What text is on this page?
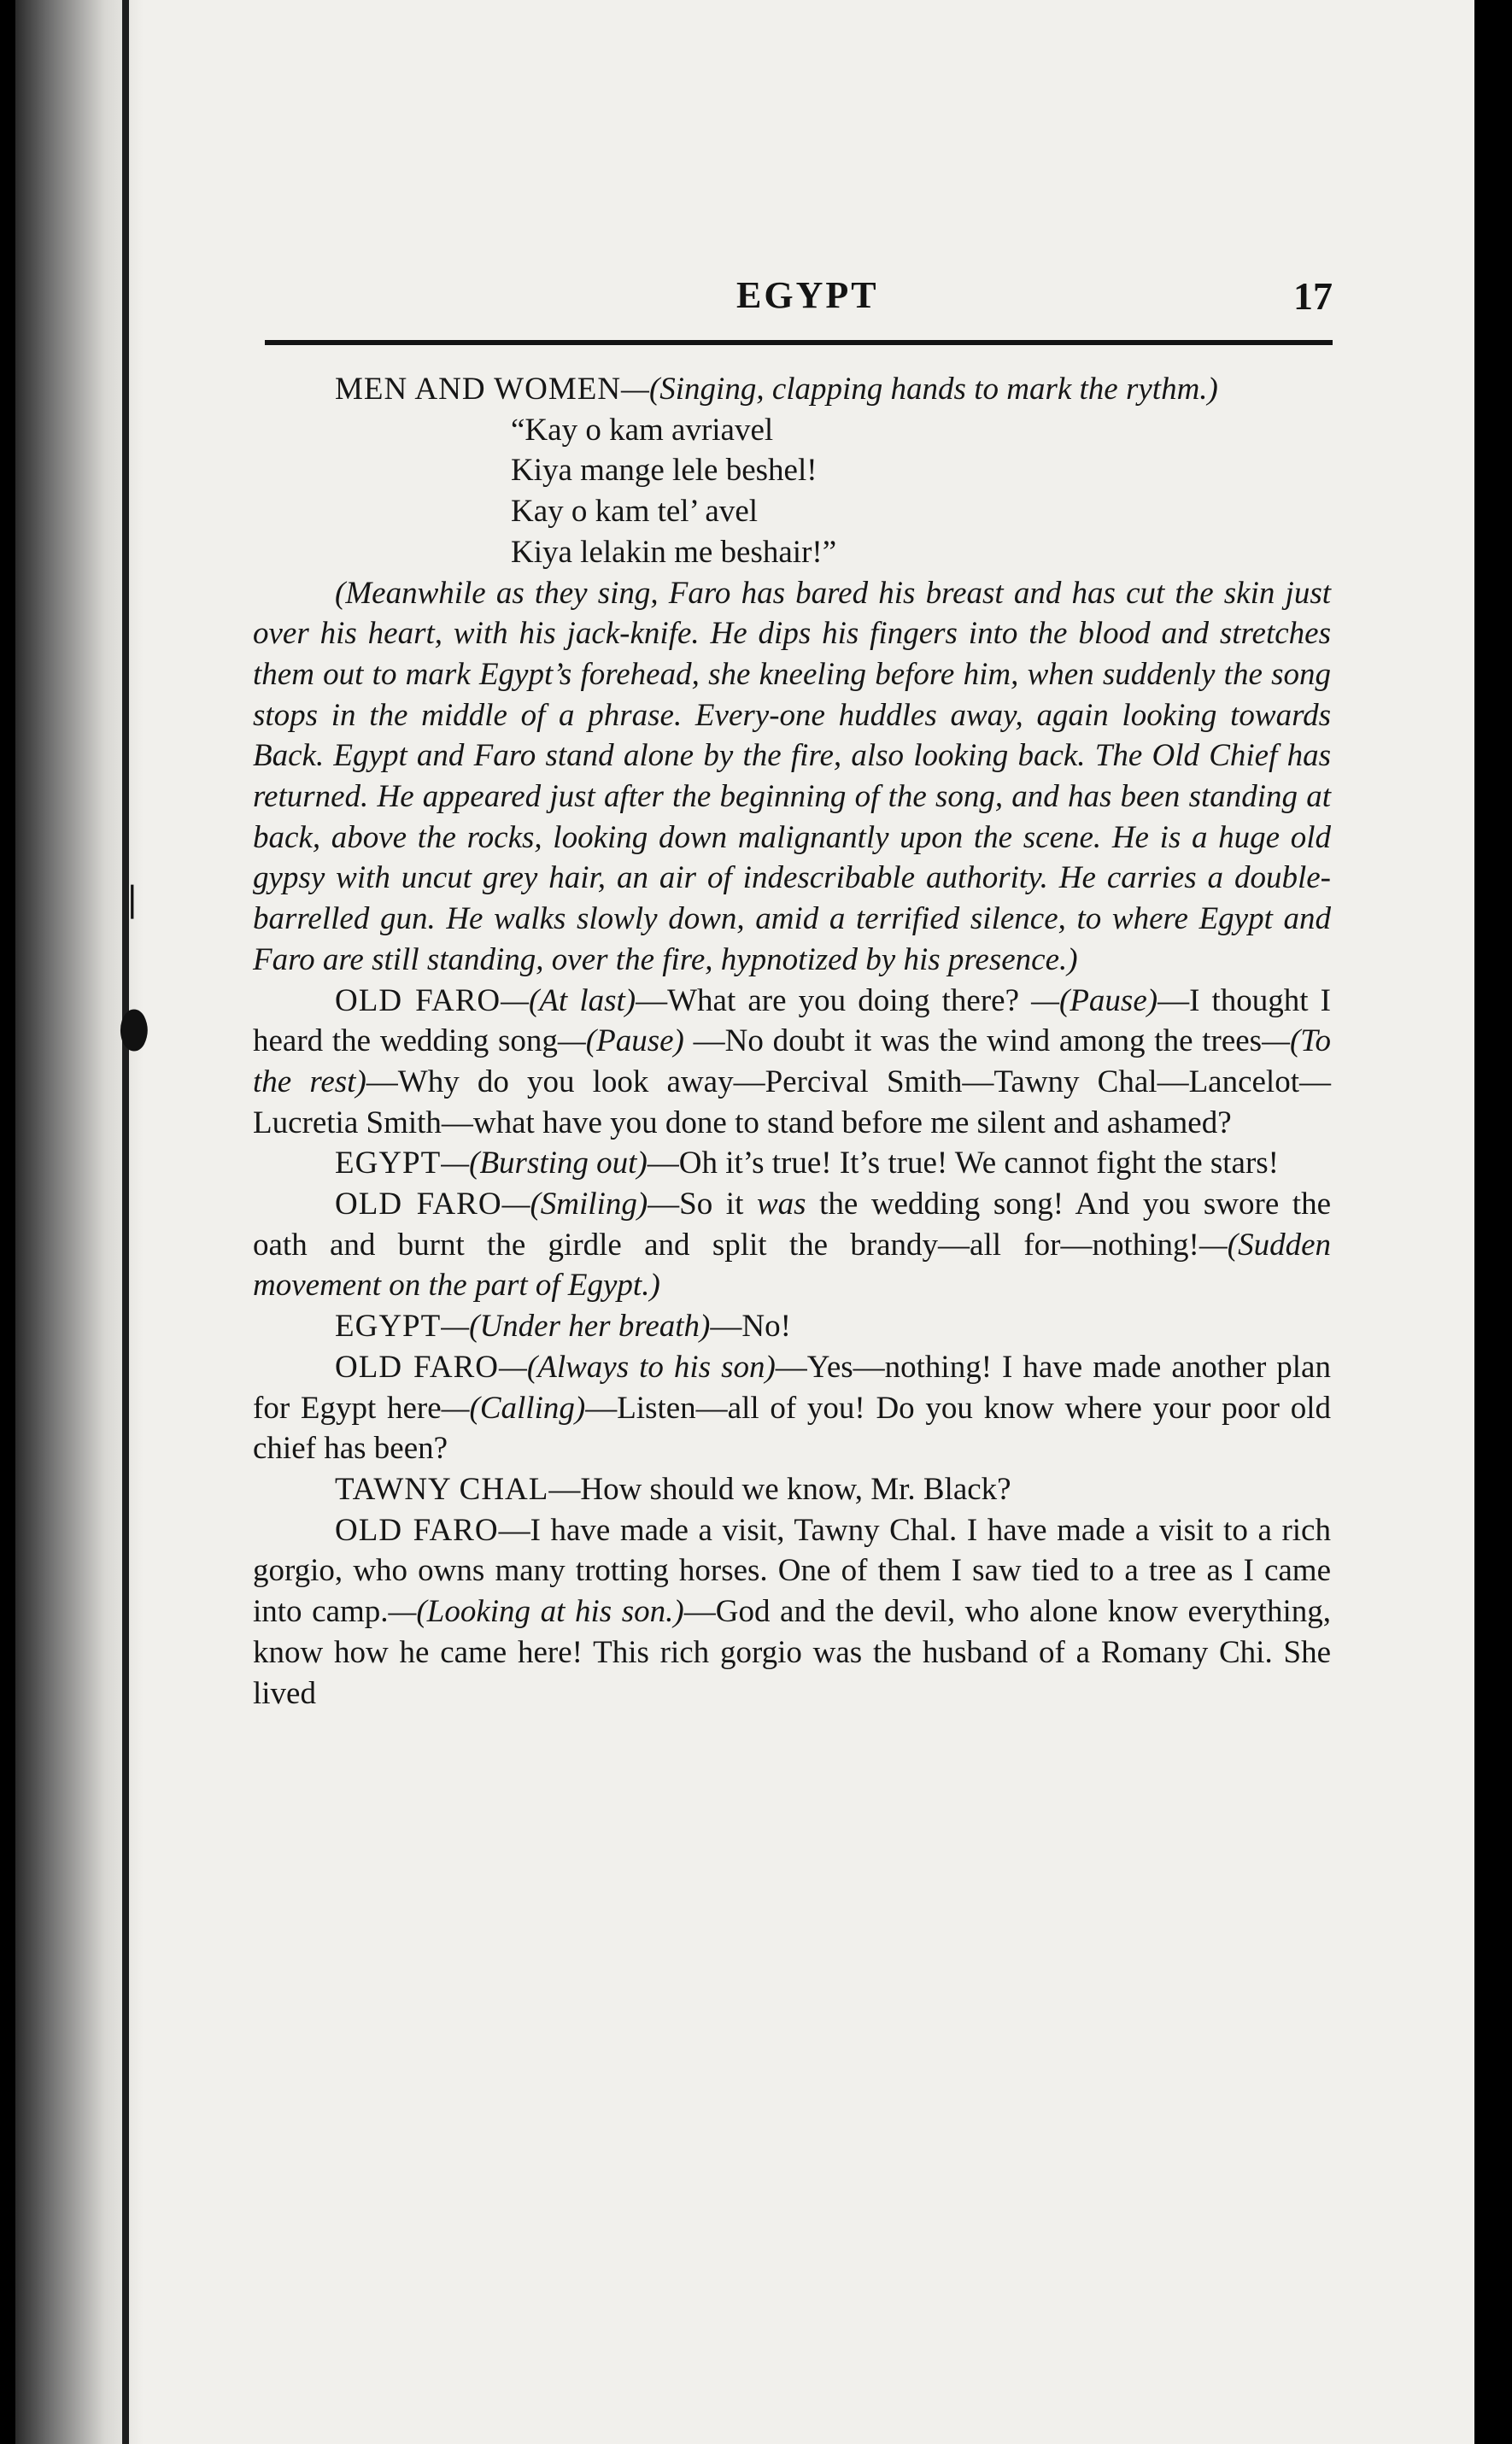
❘
⬮
EGYPT	17

MEN AND WOMEN—(Singing, clapping hands to mark the rythm.)

“Kay o kam avriavel
Kiya mange lele beshel!
Kay o kam tel’ avel
Kiya lelakin me beshair!”

(Meanwhile as they sing, Faro has bared his breast and has cut the skin just over his heart, with his jack-knife. He dips his fingers into the blood and stretches them out to mark Egypt’s forehead, she kneeling before him, when suddenly the song stops in the middle of a phrase. Every-one huddles away, again looking towards Back. Egypt and Faro stand alone by the fire, also looking back. The Old Chief has returned. He appeared just after the beginning of the song, and has been standing at back, above the rocks, looking down malignantly upon the scene. He is a huge old gypsy with uncut grey hair, an air of indescribable authority. He carries a double-barrelled gun. He walks slowly down, amid a terrified silence, to where Egypt and Faro are still standing, over the fire, hypnotized by his presence.)

OLD FARO—(At last)—What are you doing there? —(Pause)—I thought I heard the wedding song—(Pause) —No doubt it was the wind among the trees—(To the rest)—Why do you look away—Percival Smith—Tawny Chal—Lancelot—Lucretia Smith—what have you done to stand before me silent and ashamed?

EGYPT—(Bursting out)—Oh it’s true! It’s true! We cannot fight the stars!

OLD FARO—(Smiling)—So it was the wedding song! And you swore the oath and burnt the girdle and split the brandy—all for—nothing!—(Sudden movement on the part of Egypt.)

EGYPT—(Under her breath)—No!

OLD FARO—(Always to his son)—Yes—nothing! I have made another plan for Egypt here—(Calling)—Listen—all of you! Do you know where your poor old chief has been?

TAWNY CHAL—How should we know, Mr. Black?

OLD FARO—I have made a visit, Tawny Chal. I have made a visit to a rich gorgio, who owns many trotting horses. One of them I saw tied to a tree as I came into camp.—(Looking at his son.)—God and the devil, who alone know everything, know how he came here! This rich gorgio was the husband of a Romany Chi. She lived
